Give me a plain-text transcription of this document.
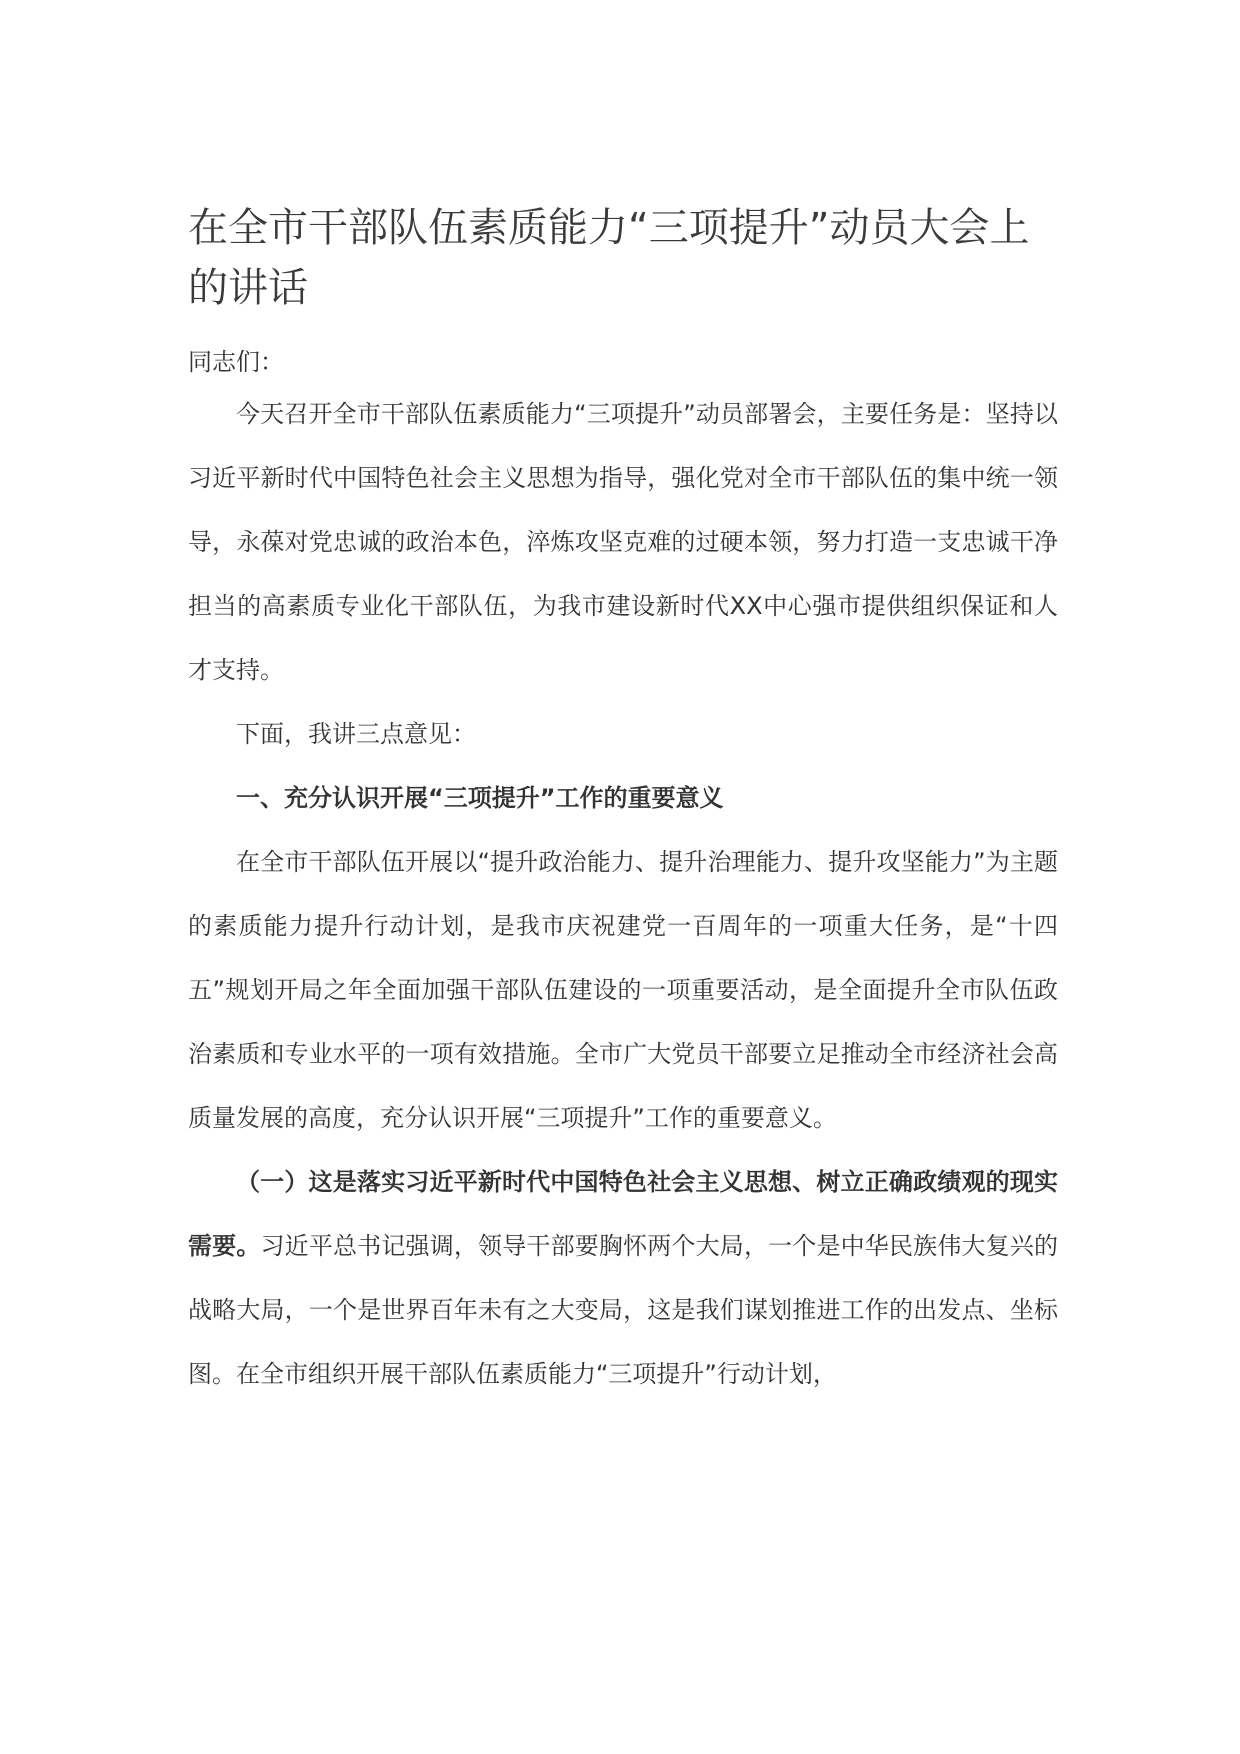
在全市干部队伍素质能力“三项提升”动员大会上的讲话
同志们：

今天召开全市干部队伍素质能力“三项提升”动员部署会，主要任务是：坚持以习近平新时代中国特色社会主义思想为指导，强化党对全市干部队伍的集中统一领导，永葆对党忠诚的政治本色，淬炼攻坚克难的过硬本领，努力打造一支忠诚干净担当的高素质专业化干部队伍，为我市建设新时代XX中心强市提供组织保证和人才支持。

下面，我讲三点意见：

一、充分认识开展“三项提升”工作的重要意义

在全市干部队伍开展以“提升政治能力、提升治理能力、提升攻坚能力”为主题的素质能力提升行动计划，是我市庆祝建党一百周年的一项重大任务，是“十四五”规划开局之年全面加强干部队伍建设的一项重要活动，是全面提升全市队伍政治素质和专业水平的一项有效措施。全市广大党员干部要立足推动全市经济社会高质量发展的高度，充分认识开展“三项提升”工作的重要意义。

（一）这是落实习近平新时代中国特色社会主义思想、树立正确政绩观的现实需要。习近平总书记强调，领导干部要胸怀两个大局，一个是中华民族伟大复兴的战略大局，一个是世界百年未有之大变局，这是我们谋划推进工作的出发点、坐标图。在全市组织开展干部队伍素质能力“三项提升”行动计划，
